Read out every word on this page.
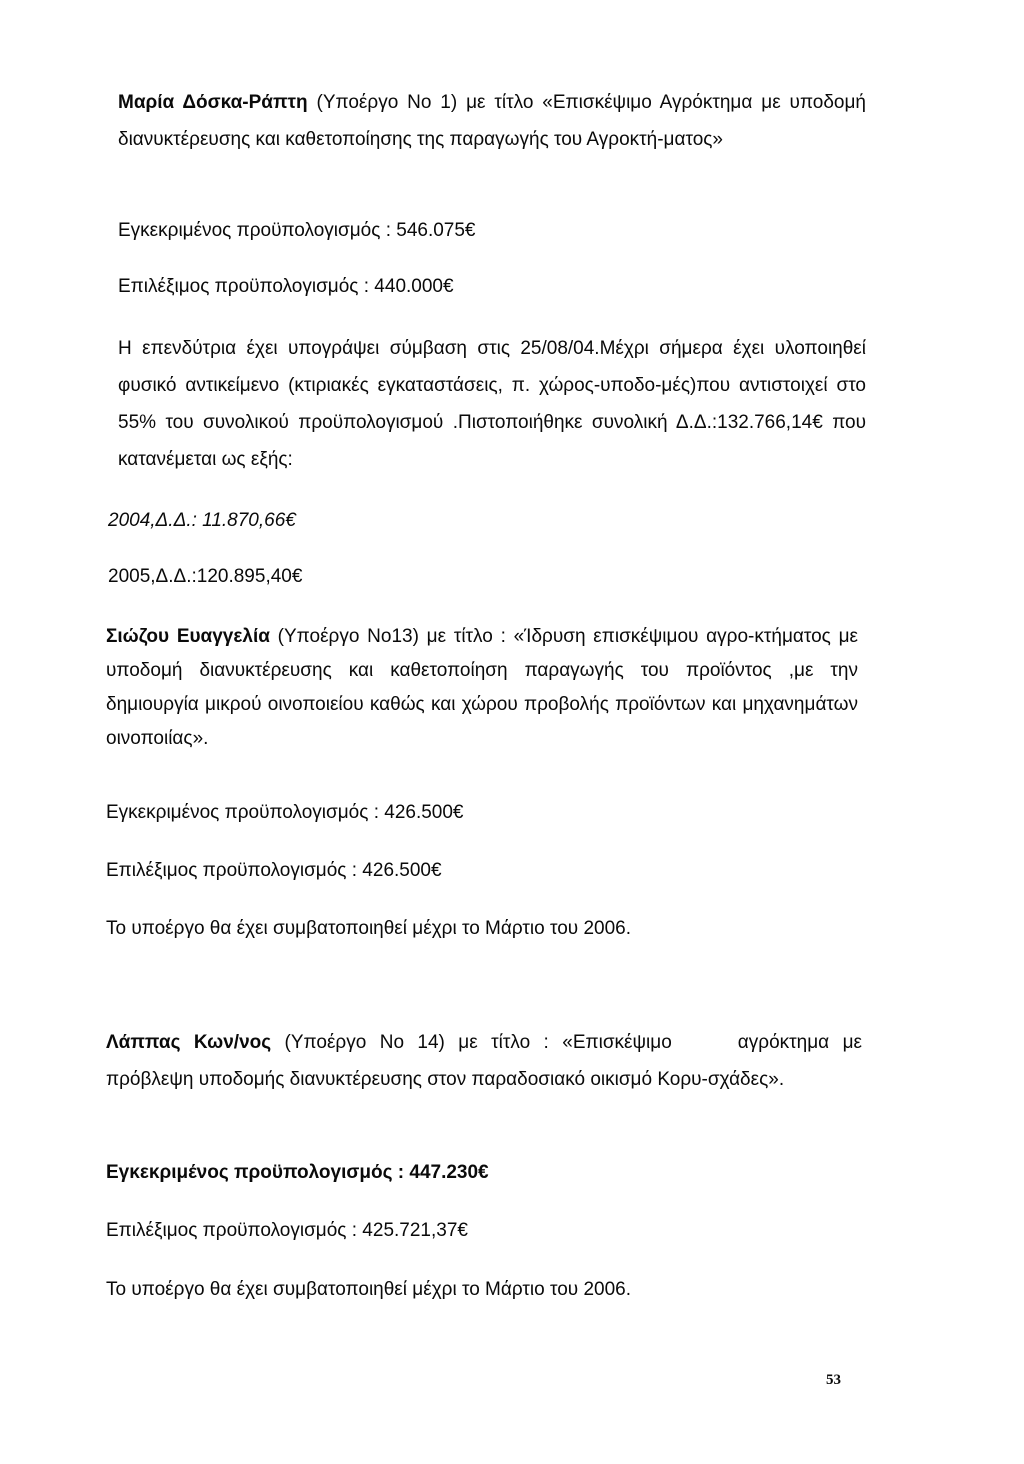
Μαρία Δόσκα-Ράπτη (Υποέργο Νο 1) με τίτλο «Επισκέψιμο Αγρόκτημα με υποδομή διανυκτέρευσης και καθετοποίησης της παραγωγής του Αγροκτή-ματος»

Εγκεκριμένος προϋπολογισμός : 546.075€

Επιλέξιμος προϋπολογισμός : 440.000€

Η επενδύτρια έχει υπογράψει σύμβαση στις 25/08/04.Μέχρι σήμερα έχει υλοποιηθεί φυσικό αντικείμενο (κτιριακές εγκαταστάσεις, π. χώρος-υποδο-μές)που αντιστοιχεί στο 55% του συνολικού προϋπολογισμού .Πιστοποιήθηκε συνολική Δ.Δ.:132.766,14€ που κατανέμεται ως εξής:

2004,Δ.Δ.: 11.870,66€

2005,Δ.Δ.:120.895,40€

Σιώζου Ευαγγελία (Υποέργο Νο13) με τίτλο : «Ίδρυση επισκέψιμου αγρο-κτήματος με υποδομή διανυκτέρευσης και καθετοποίηση παραγωγής του προϊόντος ,με την δημιουργία μικρού οινοποιείου καθώς και χώρου προβολής προϊόντων και μηχανημάτων οινοποιίας».

Εγκεκριμένος προϋπολογισμός : 426.500€

Επιλέξιμος προϋπολογισμός : 426.500€

Το υποέργο θα έχει συμβατοποιηθεί μέχρι το Μάρτιο του 2006.

Λάππας Κων/νος (Υποέργο Νο 14) με τίτλο : «Επισκέψιμο	αγρόκτημα με πρόβλεψη υποδομής διανυκτέρευσης στον παραδοσιακό οικισμό Κορυ-σχάδες».

Εγκεκριμένος προϋπολογισμός : 447.230€

Επιλέξιμος προϋπολογισμός : 425.721,37€

Το υποέργο θα έχει συμβατοποιηθεί μέχρι το Μάρτιο του 2006.

53
